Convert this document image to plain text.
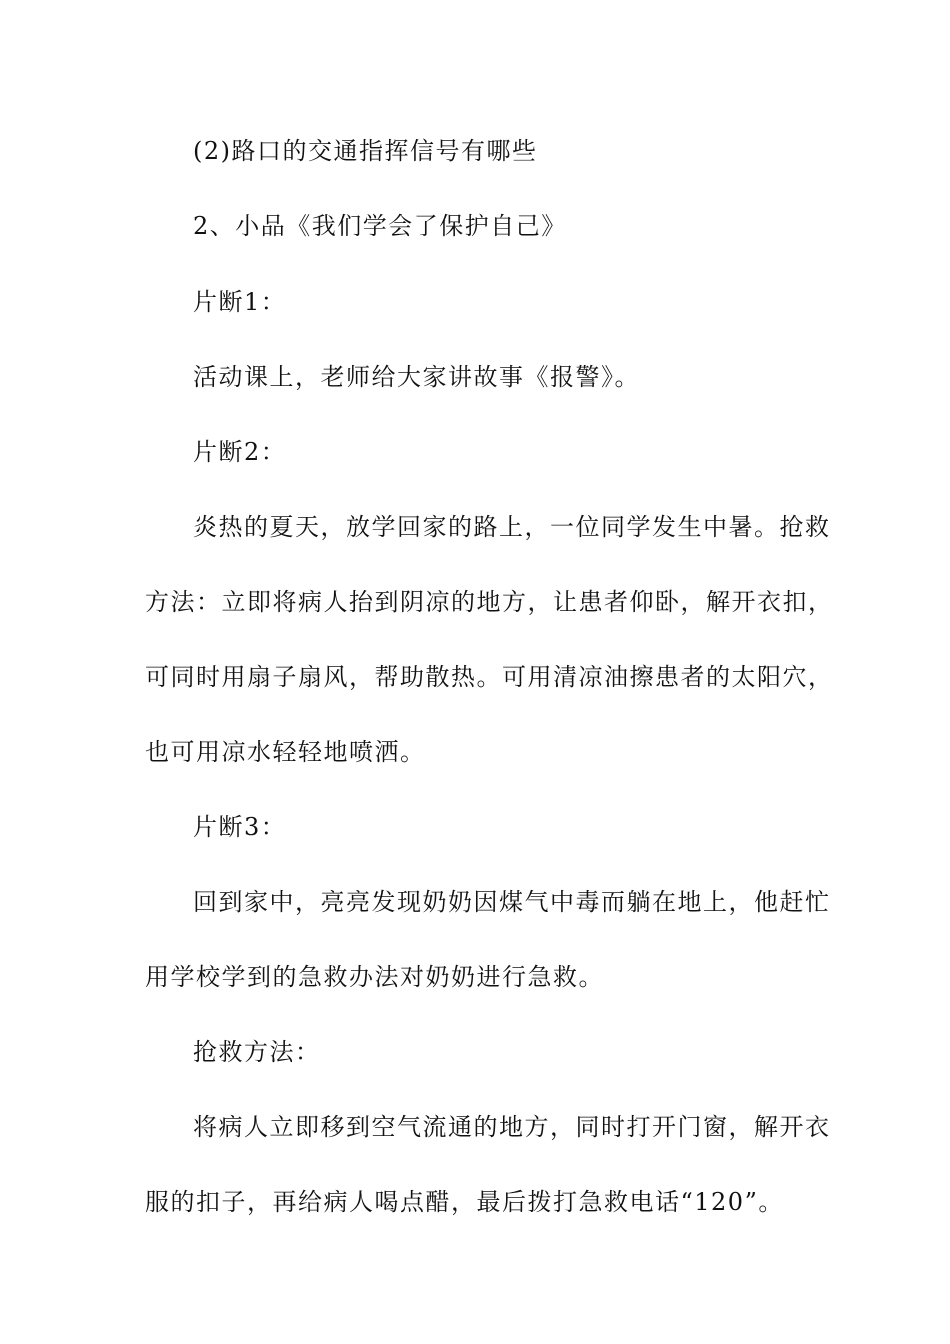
(2)路口的交通指挥信号有哪些
2、小品《我们学会了保护自己》
片断1：
活动课上，老师给大家讲故事《报警》。
片断2：
炎热的夏天，放学回家的路上，一位同学发生中暑。抢救
方法：立即将病人抬到阴凉的地方，让患者仰卧，解开衣扣，
可同时用扇子扇风，帮助散热。可用清凉油擦患者的太阳穴，
也可用凉水轻轻地喷洒。
片断3：
回到家中，亮亮发现奶奶因煤气中毒而躺在地上，他赶忙
用学校学到的急救办法对奶奶进行急救。
抢救方法：
将病人立即移到空气流通的地方，同时打开门窗，解开衣
服的扣子，再给病人喝点醋，最后拨打急救电话“120”。
